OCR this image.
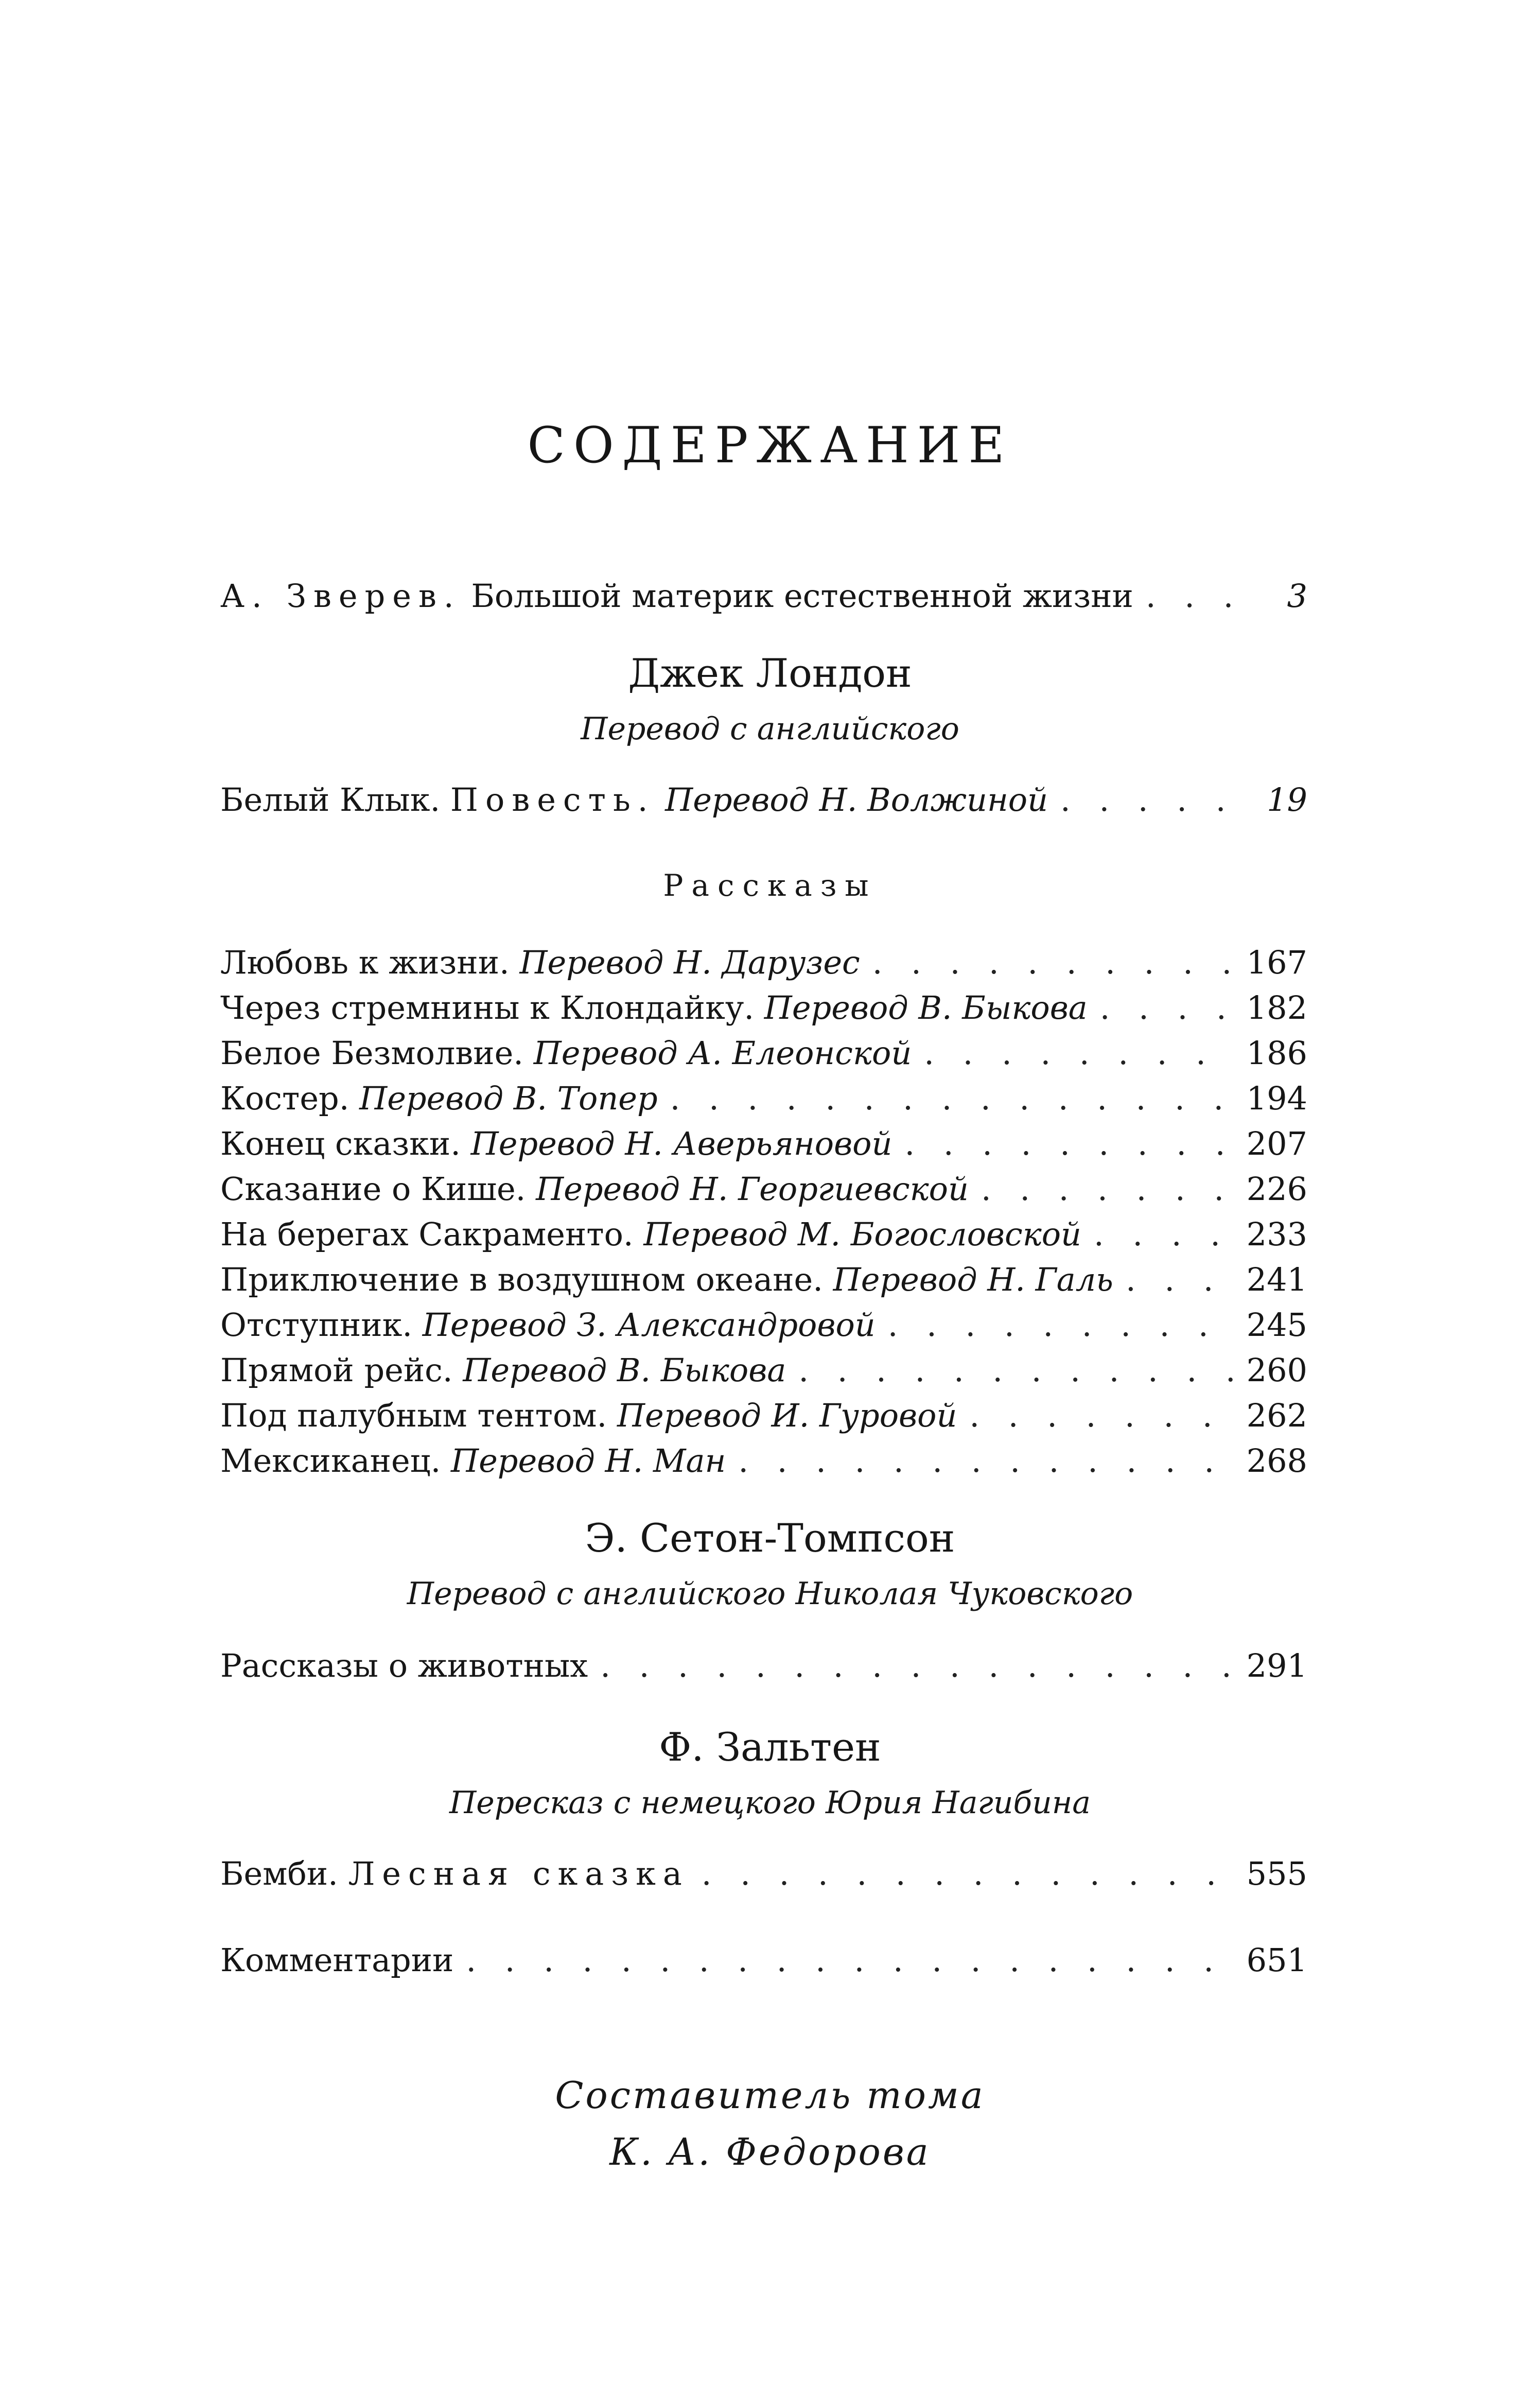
СОДЕРЖАНИЕ
А. Зверев. Большой материк естественной жизни . . .	3
Джек Лондон
Перевод с английского
Белый Клык. Повесть. Перевод Н. Волжиной . . .	19
Рассказы
Любовь к жизни. Перевод Н. Дарузес . . .	167
Через стремнины к Клондайку. Перевод В. Быкова . . .	182
Белое Безмолвие. Перевод А. Елеонской . . .	186
Костер. Перевод В. Топер . . .	194
Конец сказки. Перевод Н. Аверьяновой . . .	207
Сказание о Кише. Перевод Н. Георгиевской . . .	226
На берегах Сакраменто. Перевод М. Богословской . . .	233
Приключение в воздушном океане. Перевод Н. Галь . . .	241
Отступник. Перевод З. Александровой . . .	245
Прямой рейс. Перевод В. Быкова . . .	260
Под палубным тентом. Перевод И. Гуровой . . .	262
Мексиканец. Перевод Н. Ман . . .	268
Э. Сетон-Томпсон
Перевод с английского Николая Чуковского
Рассказы о животных . . .	291
Ф. Зальтен
Пересказ с немецкого Юрия Нагибина
Бемби. Лесная сказка . . .	555
Комментарии . . .	651
Составитель тома
К. А. Федорова
